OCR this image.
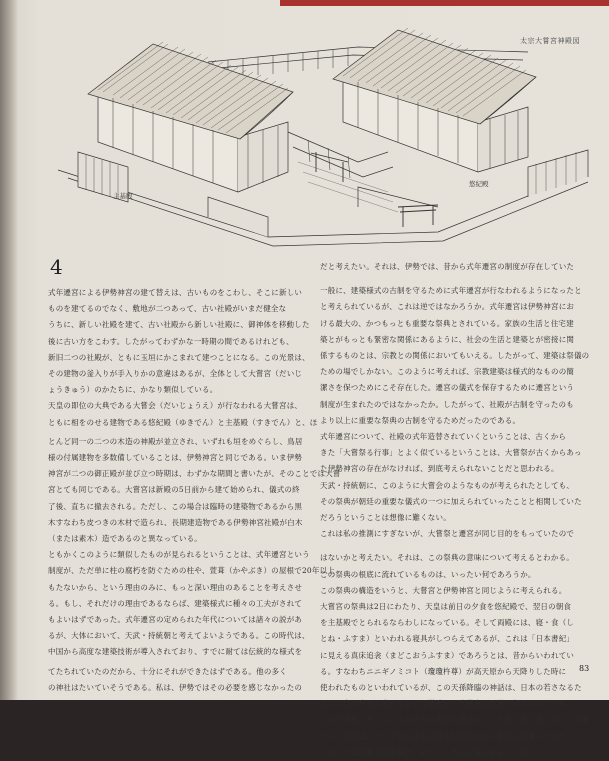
太宗大嘗宮神殿図
主基殿
悠紀殿
4

式年遷宮による伊勢神宮の建て替えは、古いものをこわし、そこに新しい

ものを建てるのでなく、敷地が二つあって、古い社殿がいまだ健全な

うちに、新しい社殿を建て、古い社殿から新しい社殿に、御神体を移動した

後に古い方をこわす。したがってわずかな一時期の間であるけれども、

新旧二つの社殿が、ともに玉垣にかこまれて建つことになる。この光景は、

その建物の釜入りが手入りかの意違はあるが、全体として大嘗宮（だいじ

ょうきゅう）のかたちに、かなり類似している。

天皇の即位の大典である大嘗会（だいじょうえ）が行なわれる大嘗宮は、

ともに相をのせる建物である悠紀殿（ゆきでん）と主基殿（すきでん）と、ほ

とんど同一の二つの木造の神殿が並立され、いずれも垣をめぐらし、鳥居

様の付属建物を多数備していることは、伊勢神宮と同じである。いま伊勢

神宮が二つの御正殿が並び立つ時期は、わずかな期間と書いたが、そのことでは大嘗

宮とても同じである。大嘗宮は新殿の5日前から建て始められ、儀式の終

了後、直ちに撤去される。ただし、この場合は臨時の建築物であるから黒

木すなわち皮つきの木材で造られ、長期建造物である伊勢神宮社殿が白木

（または素木）造であるのと異なっている。

ともかくこのように類似したものが見られるということは、式年遷宮という

制度が、ただ単に柱の腐朽を防ぐための柱や、萱葺（かやぶき）の屋根で20年以上

もたないから、という理由のみに、もっと深い理由のあることを考えさせ

る。もし、それだけの理由であるならば、建築様式に種々の工夫がされて

もよいはずであった。式年遷宮の定められた年代については諸々の説があ

るが、大体において、天武・持統朝と考えてよいようである。この時代は、

中国から高度な建築技術が導入されており、すでに耐ては伝統的な様式を

てたちれていたのだから、十分にそれができたはずである。他の多く

の神社はたいていそうである。私は、伊勢ではその必要を感じなかったの

だと考えたい。それは、伊勢では、昔から式年遷宮の制度が存在していた

一般に、建築様式の古制を守るために式年遷宮が行なわれるようになったと

と考えられているが、これは逆ではなかろうか。式年遷宮は伊勢神宮にお

ける最大の、かつもっとも重要な祭典とされている。家族の生活と住宅建

築とがもっとも緊密な関係にあるように、社会の生活と建築とが密接に関

係するものとは、宗教との関係においてもいえる。したがって、建築は祭儀の

ための場でしかない。このように考えれば、宗教建築は様式的なものの簡

潔さを保つためにこそ存在した。遷宮の儀式を保存するために遷宮という

制度が生まれたのではなかったか。したがって、社殿が古制を守ったのも

より以上に重要な祭典の古制を守るためだったのである。

式年遷宮について、社殿の式年造替されていくということは、古くから

きた「大嘗祭る行事」とよく似ているということは、大嘗祭が古くからあっ

た伊勢神宮の存在がなければ、到底考えられないことだと思われる。

天武・持統朝に、このように大嘗会のようなものが考えられたとしても、

その祭典が朝廷の重要な儀式の一つに加えられていったことと相関していた

だろうということは想像に難くない。

これは私の推測にすぎないが、大嘗祭と遷宮が同じ目的をもっていたので

はないかと考えたい。それは、この祭典の意味について考えるとわかる。

この祭典の根底に流れているものは、いったい何であろうか。

この祭典の構造をいうと、大嘗宮と伊勢神宮と同じように考えられる。

大嘗宮の祭典は2日にわたり、天皇は前日の夕食を悠紀殿で、翌日の朝食

を主基殿でとられるならわしになっている。そして両殿には、寝・食（し

とね・ふすま）といわれる寝具がしつらえてあるが、これは「日本書紀」

に見える真床追衾（まどこおうふすま）であろうとは、昔からいわれてい

る。すなわちニニギノミコト（瓊瓊杵尊）が高天原から天降りした時に

使われたものといわれているが、この天孫降臨の神話は、日本の若さなるた

めに天皇が生まれ変わるという儀式が、大嘗宮の両殿で行なわれている

ことである。そこで、このように再生の儀式に、しとね（寝・食）が、くるま

という形式は、アジアから日本に到る巨大陸の広い地域に広まっており、

このしとねは胞衣の象徴で、そして、さらにまるまることは

83
